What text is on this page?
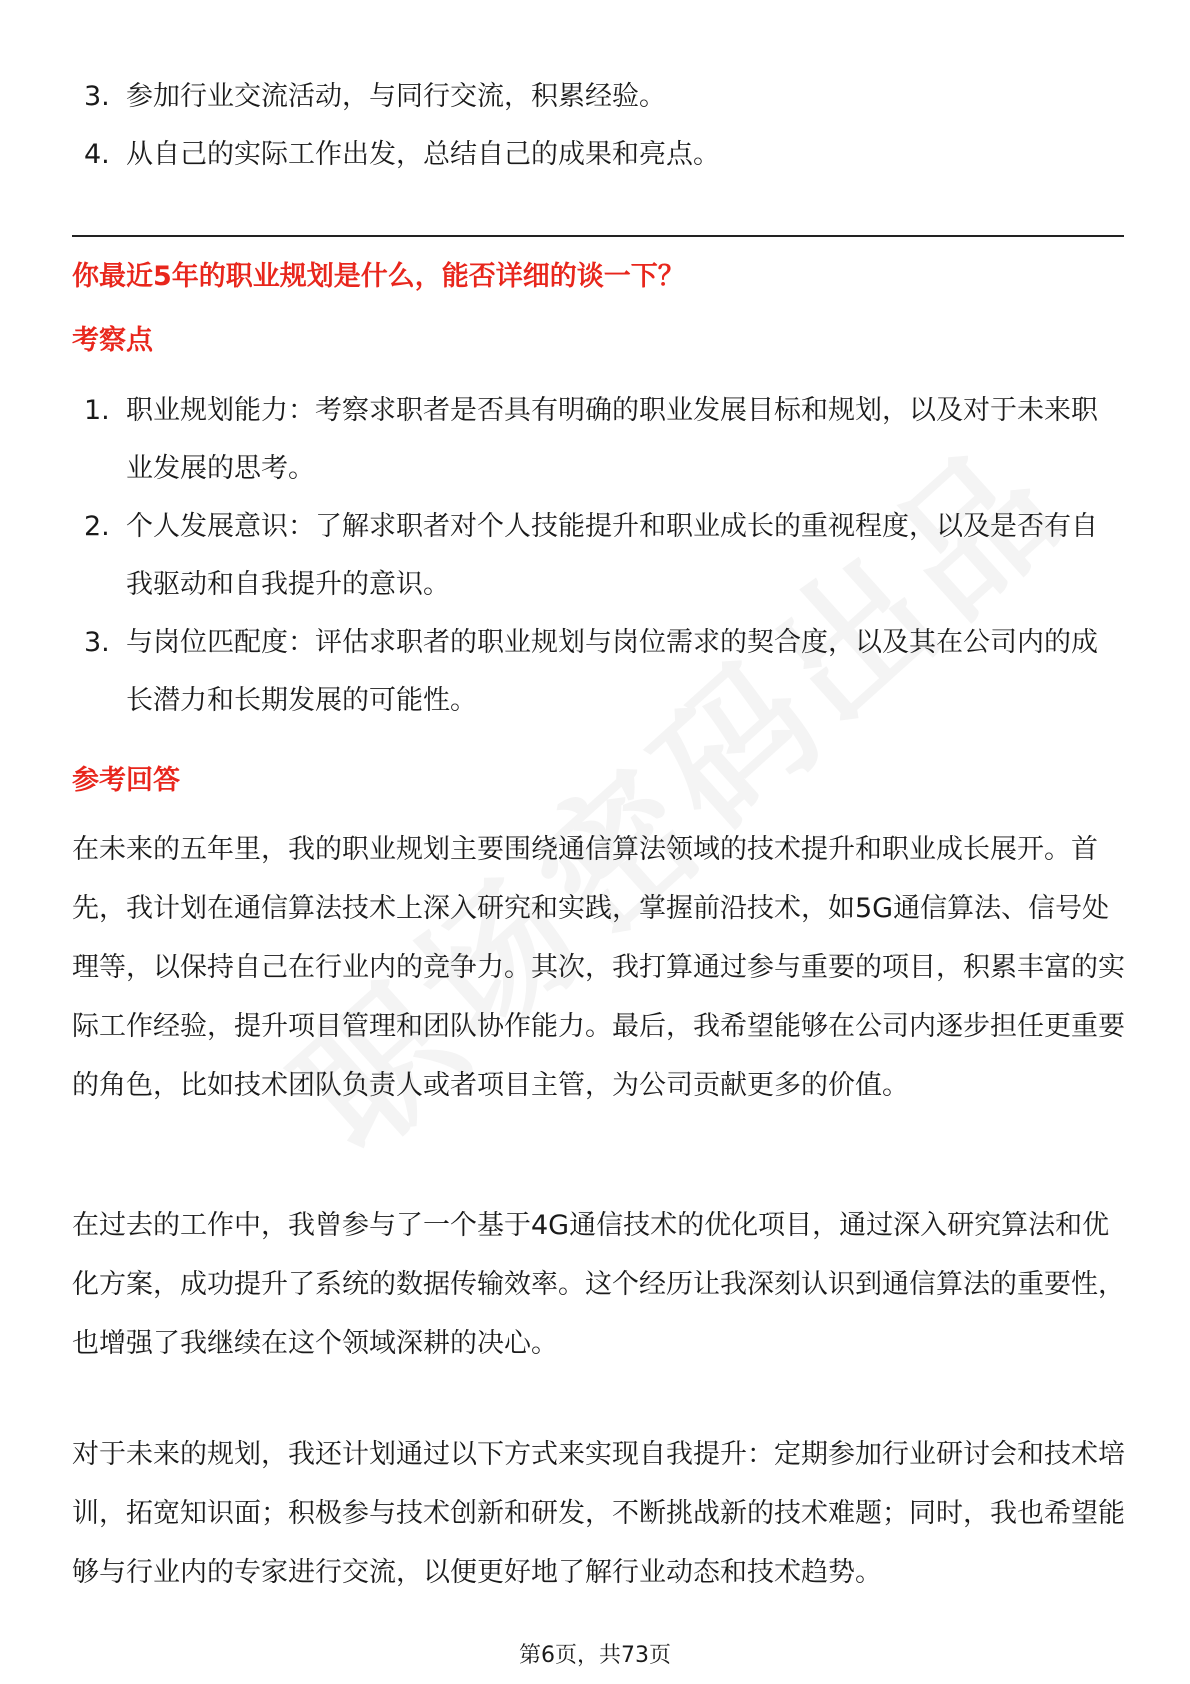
3. 参加行业交流活动，与同行交流，积累经验。
4. 从自己的实际工作出发，总结自己的成果和亮点。
你最近5年的职业规划是什么，能否详细的谈一下？
考察点
1. 职业规划能力：考察求职者是否具有明确的职业发展目标和规划，以及对于未来职业发展的思考。
2. 个人发展意识：了解求职者对个人技能提升和职业成长的重视程度，以及是否有自我驱动和自我提升的意识。
3. 与岗位匹配度：评估求职者的职业规划与岗位需求的契合度，以及其在公司内的成长潜力和长期发展的可能性。
参考回答

在未来的五年里，我的职业规划主要围绕通信算法领域的技术提升和职业成长展开。首先，我计划在通信算法技术上深入研究和实践，掌握前沿技术，如5G通信算法、信号处理等，以保持自己在行业内的竞争力。其次，我打算通过参与重要的项目，积累丰富的实际工作经验，提升项目管理和团队协作能力。最后，我希望能够在公司内逐步担任更重要的角色，比如技术团队负责人或者项目主管，为公司贡献更多的价值。

在过去的工作中，我曾参与了一个基于4G通信技术的优化项目，通过深入研究算法和优化方案，成功提升了系统的数据传输效率。这个经历让我深刻认识到通信算法的重要性，也增强了我继续在这个领域深耕的决心。

对于未来的规划，我还计划通过以下方式来实现自我提升：定期参加行业研讨会和技术培训，拓宽知识面；积极参与技术创新和研发，不断挑战新的技术难题；同时，我也希望能够与行业内的专家进行交流，以便更好地了解行业动态和技术趋势。

第6页，共73页
